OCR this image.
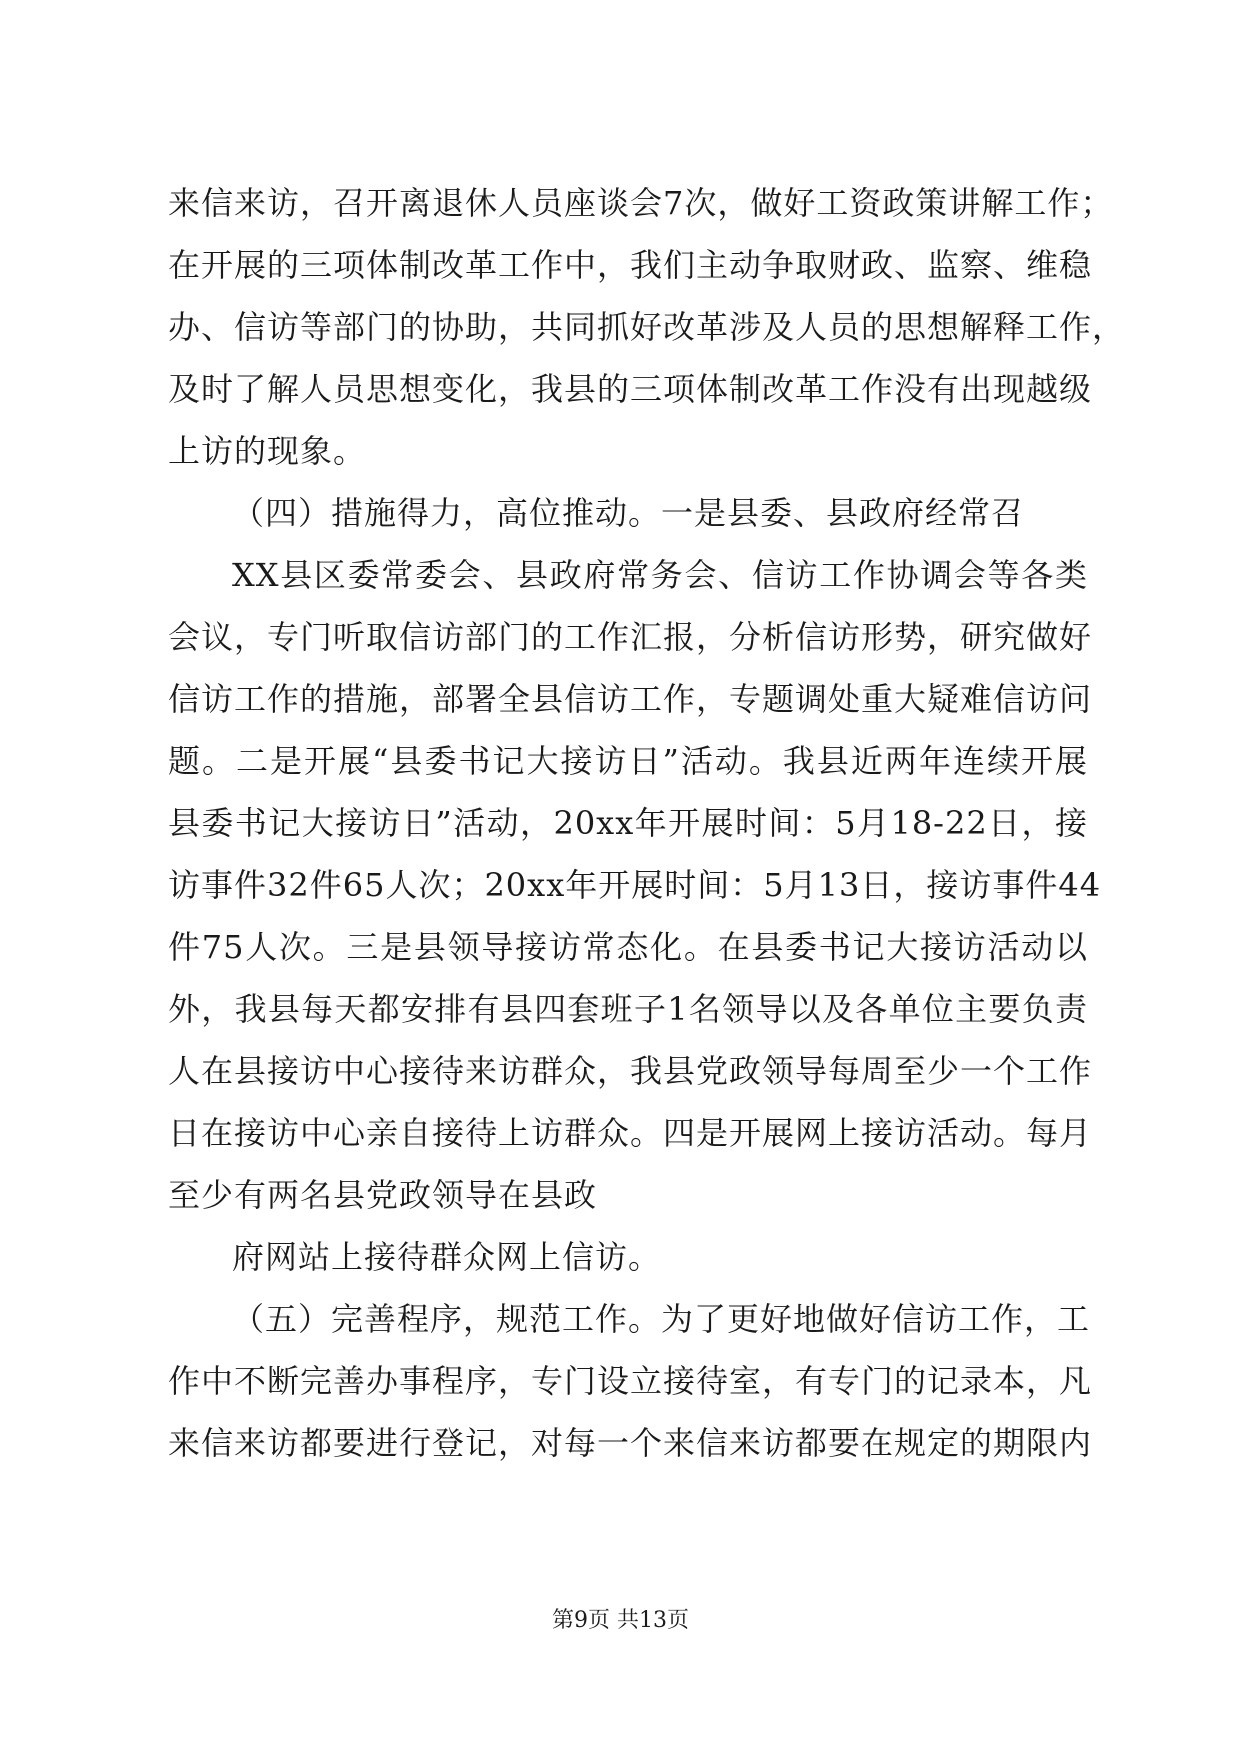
来信来访，召开离退休人员座谈会7次，做好工资政策讲解工作；
在开展的三项体制改革工作中，我们主动争取财政、监察、维稳
办、信访等部门的协助，共同抓好改革涉及人员的思想解释工作，
及时了解人员思想变化，我县的三项体制改革工作没有出现越级
上访的现象。
（四）措施得力，高位推动。一是县委、县政府经常召
XX县区委常委会、县政府常务会、信访工作协调会等各类
会议，专门听取信访部门的工作汇报，分析信访形势，研究做好
信访工作的措施，部署全县信访工作，专题调处重大疑难信访问
题。二是开展“县委书记大接访日”活动。我县近两年连续开展
县委书记大接访日”活动，20xx年开展时间：5月18-22日，接
访事件32件65人次；20xx年开展时间：5月13日，接访事件44
件75人次。三是县领导接访常态化。在县委书记大接访活动以
外，我县每天都安排有县四套班子1名领导以及各单位主要负责
人在县接访中心接待来访群众，我县党政领导每周至少一个工作
日在接访中心亲自接待上访群众。四是开展网上接访活动。每月
至少有两名县党政领导在县政
府网站上接待群众网上信访。
（五）完善程序，规范工作。为了更好地做好信访工作，工
作中不断完善办事程序，专门设立接待室，有专门的记录本，凡
来信来访都要进行登记，对每一个来信来访都要在规定的期限内
第9页 共13页
